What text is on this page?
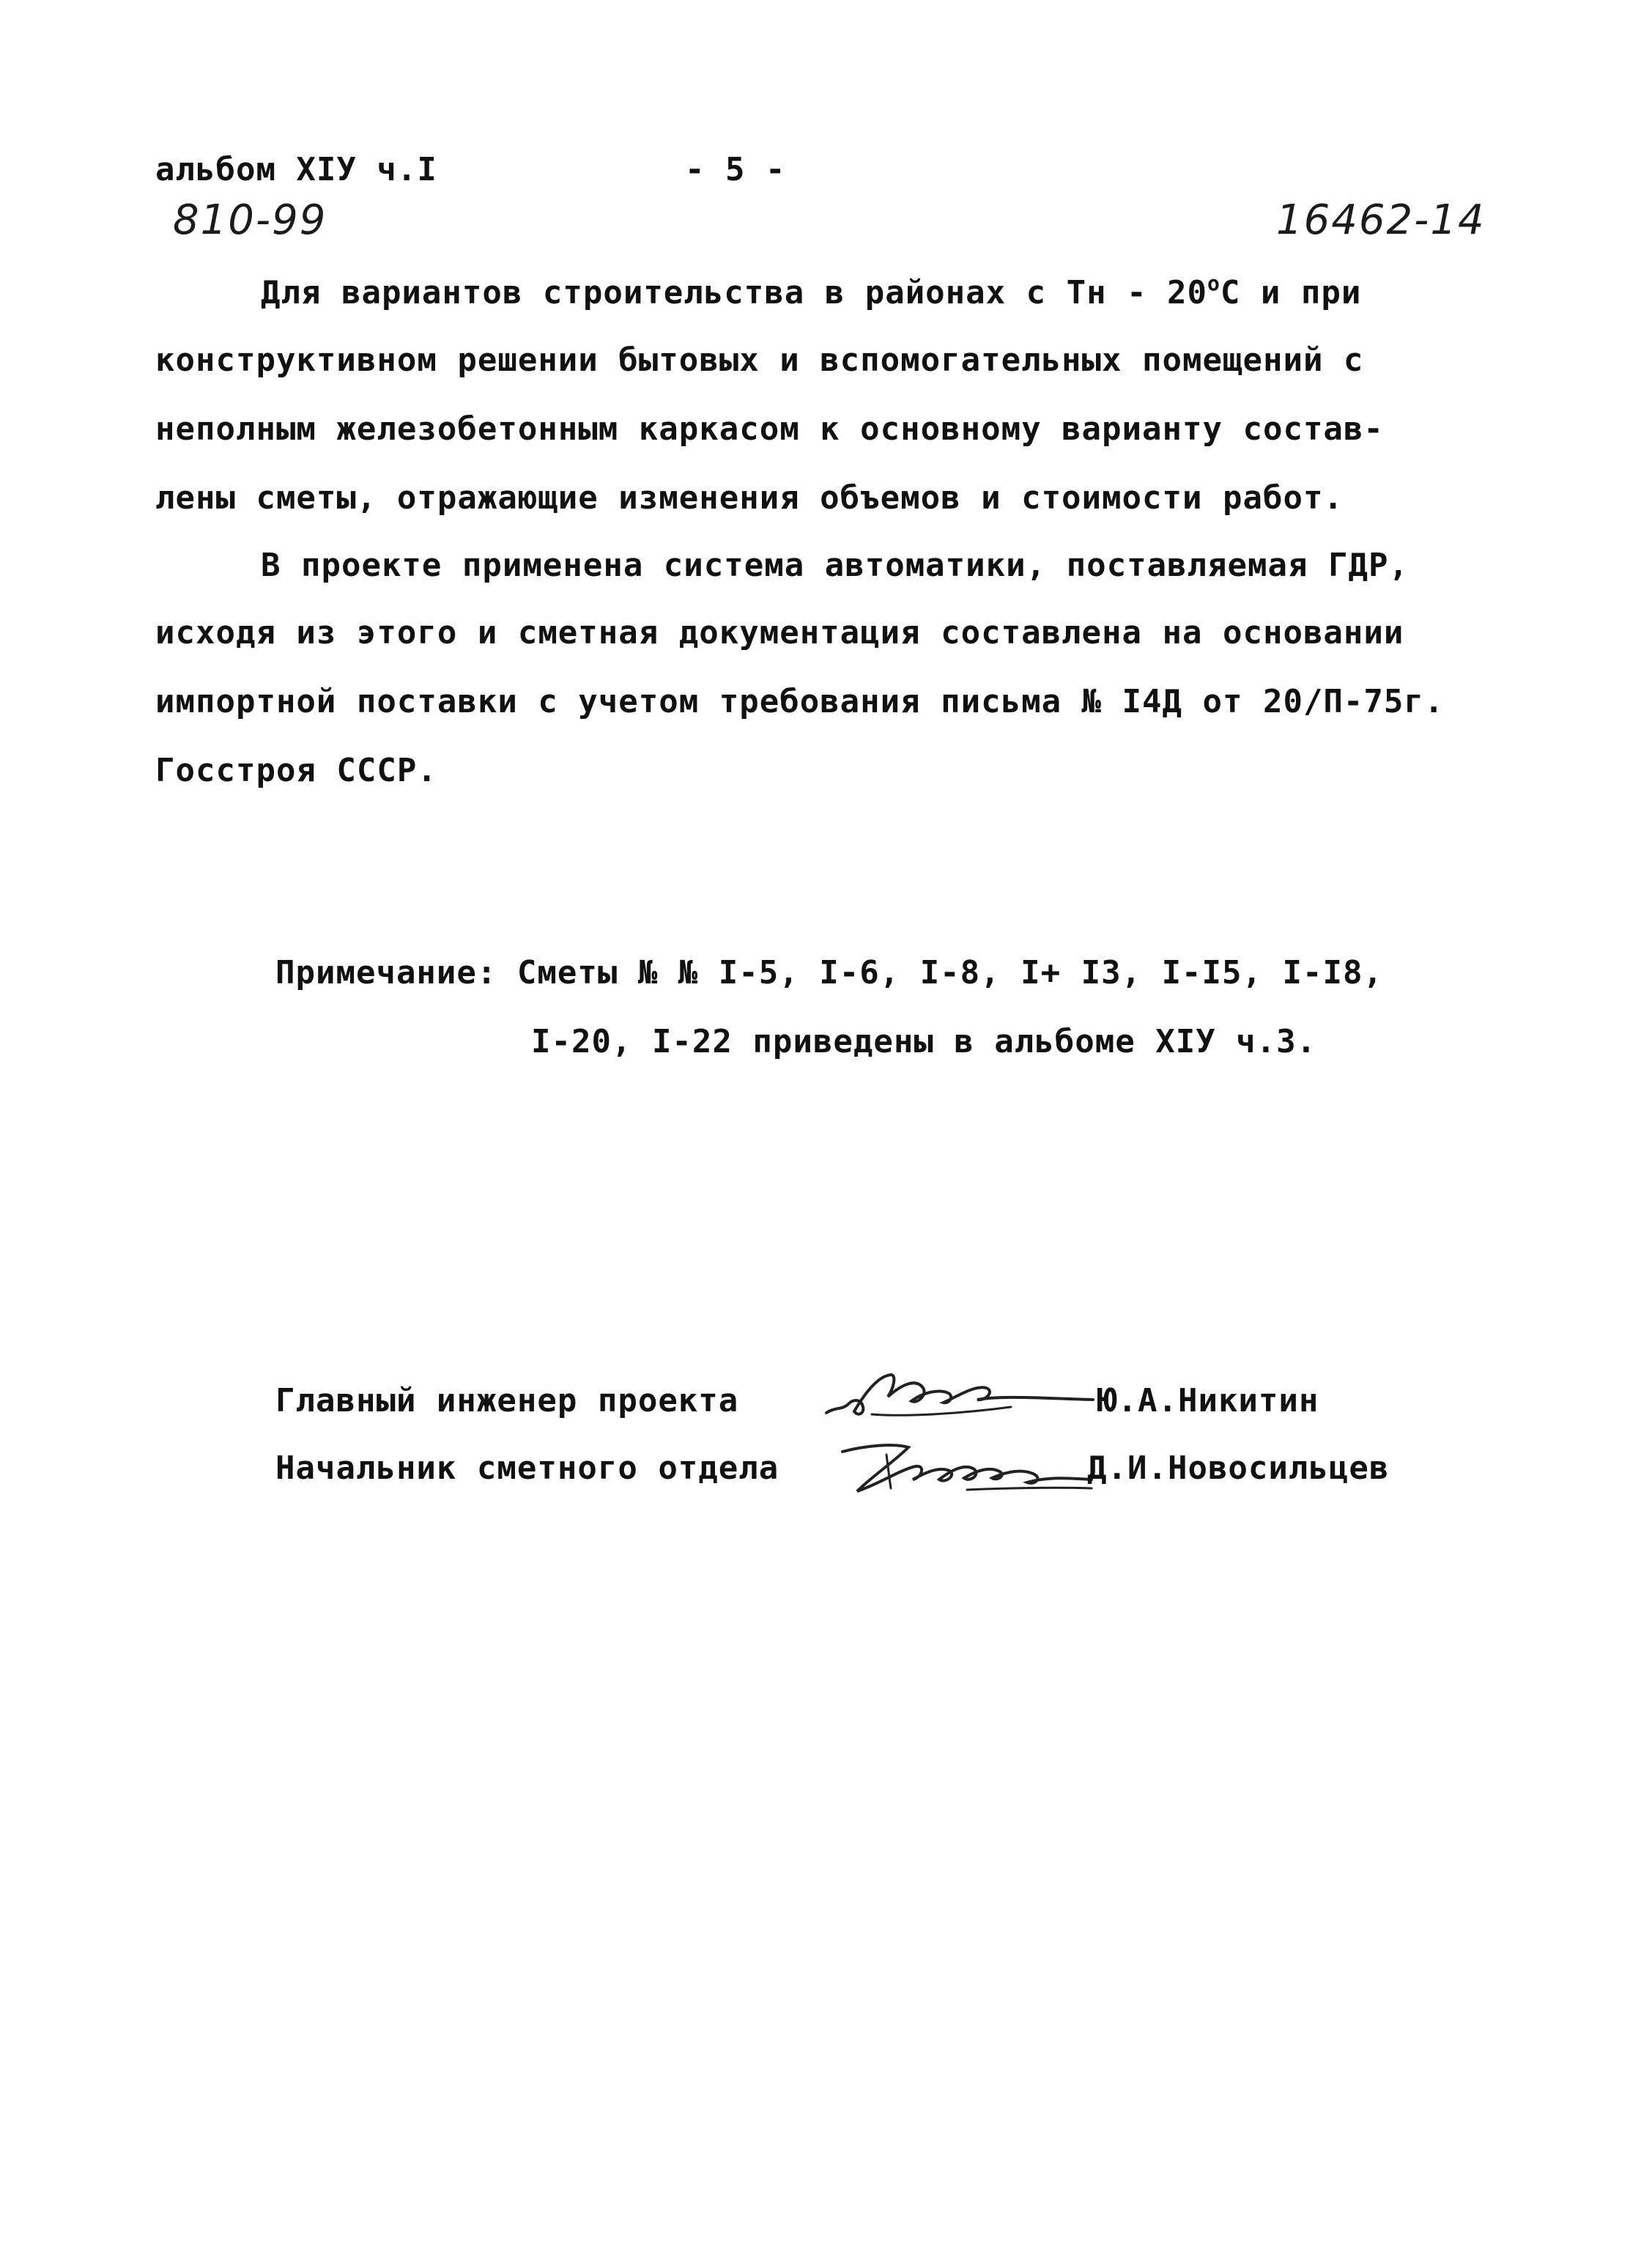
альбом ХIУ ч.I	- 5 -
810-99	16462-14
Для вариантов строительства в районах с Тн - $20^оС$ и при
конструктивном решении бытовых и вспомогательных помещений с
неполным железобетонным каркасом к основному варианту состав-
лены сметы, отражающие изменения объемов и стоимости работ.
В проекте применена система автоматики, поставляемая ГДР,
исходя из этого и сметная документация составлена на основании
импортной поставки с учетом требования письма № I4Д от 20/П-75г.
Госстроя СССР.
Примечание: Сметы № № I-5, I-6, I-8, I+ I3, I-I5, I-I8,
I-20, I-22 приведены в альбоме ХIУ ч.3.
Главный инженер проекта	Ю.А.Никитин
Начальник сметного отдела	Д.И.Новосильцев
